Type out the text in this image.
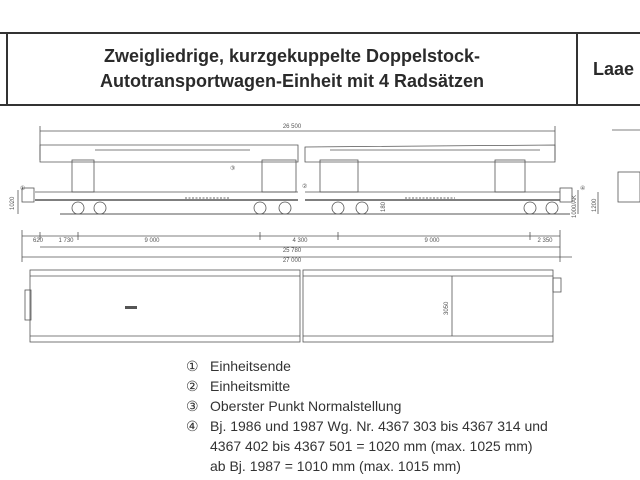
Zweigliedrige, kurzgekuppelte Doppelstock-
Autotransportwagen-Einheit mit 4 Radsätzen
Laae
26 500
620	1 730	9 000	4 300	9 000	2 350
25 780
27 000
1020	180	1000/AK 1200
3050
①	②
③
④
① Einheitsende
② Einheitsmitte
③ Oberster Punkt Normalstellung
④ Bj. 1986 und 1987 Wg. Nr. 4367 303 bis 4367 314 und
4367 402 bis 4367 501 = 1020 mm (max. 1025 mm)
ab Bj. 1987 = 1010 mm (max. 1015 mm)
